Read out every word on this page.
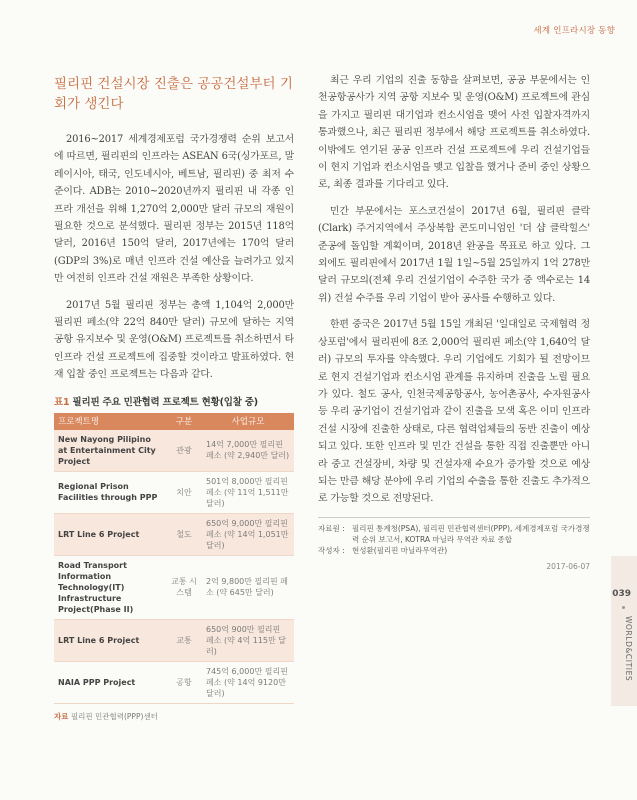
세계 인프라시장 동향
필리핀 건설시장 진출은 공공건설부터 기회가 생긴다

2016~2017 세계경제포럼 국가경쟁력 순위 보고서에 따르면, 필리핀의 인프라는 ASEAN 6국(싱가포르, 말레이시아, 태국, 인도네시아, 베트남, 필리핀) 중 최저 수준이다. ADB는 2010~2020년까지 필리핀 내 각종 인프라 개선을 위해 1,270억 2,000만 달러 규모의 재원이 필요한 것으로 분석했다. 필리핀 정부는 2015년 118억 달러, 2016년 150억 달러, 2017년에는 170억 달러(GDP의 3%)로 매년 인프라 건설 예산을 늘려가고 있지만 여전히 인프라 건설 재원은 부족한 상황이다.

2017년 5월 필리핀 정부는 총액 1,104억 2,000만 필리핀 페소(약 22억 840만 달러) 규모에 달하는 지역 공항 유지보수 및 운영(O&M) 프로젝트를 취소하면서 타 인프라 건설 프로젝트에 집중할 것이라고 발표하였다. 현재 입찰 중인 프로젝트는 다음과 같다.

표1 필리핀 주요 민관협력 프로젝트 현황(입찰 중)
프로젝트명	구분	사업규모
New Nayong Pilipino at Entertainment City Project	관광	14억 7,000만 필리핀 페소 (약 2,940만 달러)
Regional Prison Facilities through PPP	치안	501억 8,000만 필리핀 페소 (약 11억 1,511만 달러)
LRT Line 6 Project	철도	650억 9,000만 필리핀 페소 (약 14억 1,051만 달러)
Road Transport Information Technology(IT) Infrastructure Project(Phase II)	교통 시스템	2억 9,800만 필리핀 페소 (약 645만 달러)
LRT Line 6 Project	교통	650억 900만 필리핀 페소 (약 4억 115만 달러)
NAIA PPP Project	공항	745억 6,000만 필리핀 페소 (약 14억 9120만 달러)
자료 필리핀 민관협력(PPP)센터

최근 우리 기업의 진출 동향을 살펴보면, 공공 부문에서는 인천공항공사가 지역 공항 지보수 및 운영(O&M) 프로젝트에 관심을 가지고 필리핀 대기업과 컨소시엄을 맺어 사전 입찰자격까지 통과했으나, 최근 필리핀 정부에서 해당 프로젝트를 취소하였다. 이밖에도 연기된 공공 인프라 건설 프로젝트에 우리 건설기업들이 현지 기업과 컨소시엄을 맺고 입찰을 했거나 준비 중인 상황으로, 최종 결과를 기다리고 있다.

민간 부문에서는 포스코건설이 2017년 6월, 필리핀 클락(Clark) 주거지역에서 주상복합 콘도미니엄인 '더 샵 클락힐스' 준공에 돌입할 계획이며, 2018년 완공을 목표로 하고 있다. 그 외에도 필리핀에서 2017년 1월 1일~5월 25일까지 1억 278만 달러 규모의(전체 우리 건설기업이 수주한 국가 중 액수로는 14위) 건설 수주를 우리 기업이 받아 공사를 수행하고 있다.

한편 중국은 2017년 5월 15일 개최된 '일대일로 국제협력 정상포럼'에서 필리핀에 8조 2,000억 필리핀 페소(약 1,640억 달러) 규모의 투자를 약속했다. 우리 기업에도 기회가 될 전망이므로 현지 건설기업과 컨소시엄 관계를 유지하며 진출을 노릴 필요가 있다. 철도 공사, 인천국제공항공사, 농어촌공사, 수자원공사 등 우리 공기업이 건설기업과 같이 진출을 모색 혹은 이미 인프라 건설 시장에 진출한 상태로, 다른 협력업체들의 동반 진출이 예상되고 있다. 또한 인프라 및 민간 건설을 통한 직접 진출뿐만 아니라 중고 건설장비, 차량 및 건설자재 수요가 증가할 것으로 예상되는 만큼 해당 분야에 우리 기업의 수출을 통한 진출도 추가적으로 가능할 것으로 전망된다.

자료원 : 필리핀 통계청(PSA), 필리핀 민관협력센터(PPP), 세계경제포럼 국가경쟁력 순위 보고서, KOTRA 마닐라 무역관 자료 종합
작성자 : 현성환(필리핀 마닐라무역관)
2017-06-07
039
WORLD&CITIES
